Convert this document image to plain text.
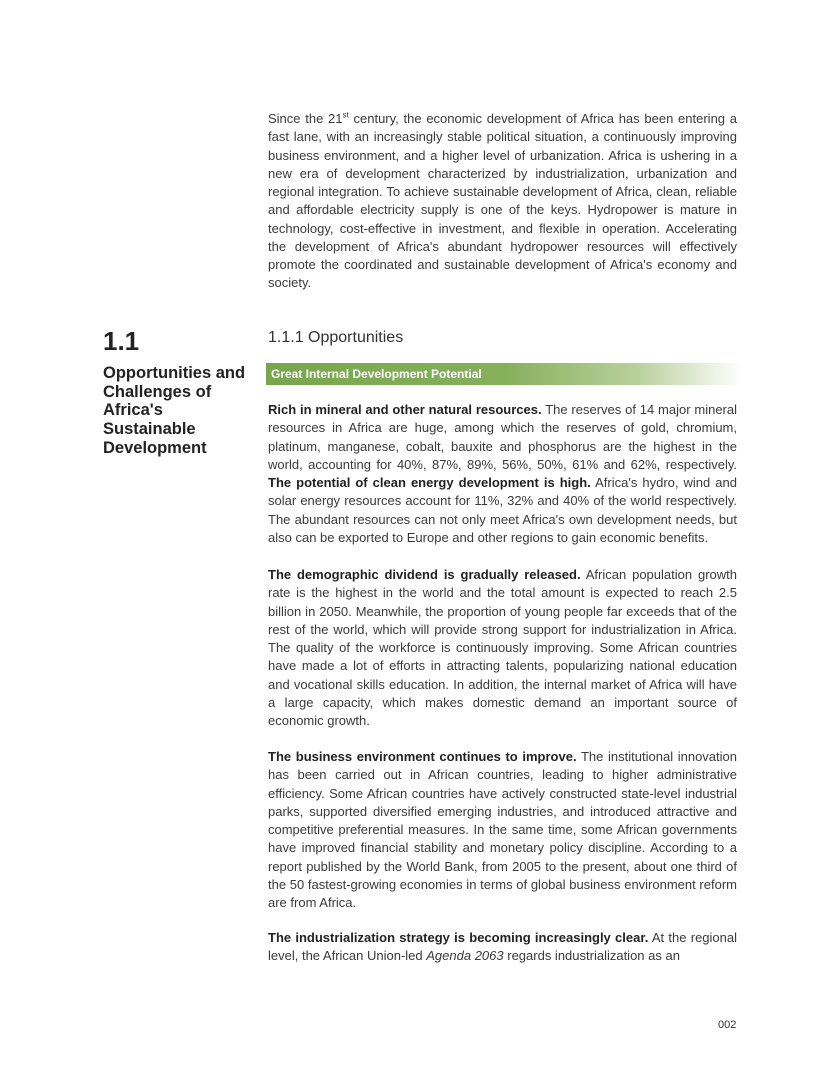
Since the 21st century, the economic development of Africa has been entering a fast lane, with an increasingly stable political situation, a continuously improving business environment, and a higher level of urbanization. Africa is ushering in a new era of development characterized by industrialization, urbanization and regional integration. To achieve sustainable development of Africa, clean, reliable and affordable electricity supply is one of the keys. Hydropower is mature in technology, cost-effective in investment, and flexible in operation. Accelerating the development of Africa's abundant hydropower resources will effectively promote the coordinated and sustainable development of Africa's economy and society.
1.1
Opportunities and Challenges of Africa's Sustainable Development
1.1.1 Opportunities
Great Internal Development Potential
Rich in mineral and other natural resources. The reserves of 14 major mineral resources in Africa are huge, among which the reserves of gold, chromium, platinum, manganese, cobalt, bauxite and phosphorus are the highest in the world, accounting for 40%, 87%, 89%, 56%, 50%, 61% and 62%, respectively. The potential of clean energy development is high. Africa's hydro, wind and solar energy resources account for 11%, 32% and 40% of the world respectively. The abundant resources can not only meet Africa's own development needs, but also can be exported to Europe and other regions to gain economic benefits.
The demographic dividend is gradually released. African population growth rate is the highest in the world and the total amount is expected to reach 2.5 billion in 2050. Meanwhile, the proportion of young people far exceeds that of the rest of the world, which will provide strong support for industrialization in Africa. The quality of the workforce is continuously improving. Some African countries have made a lot of efforts in attracting talents, popularizing national education and vocational skills education. In addition, the internal market of Africa will have a large capacity, which makes domestic demand an important source of economic growth.
The business environment continues to improve. The institutional innovation has been carried out in African countries, leading to higher administrative efficiency. Some African countries have actively constructed state-level industrial parks, supported diversified emerging industries, and introduced attractive and competitive preferential measures. In the same time, some African governments have improved financial stability and monetary policy discipline. According to a report published by the World Bank, from 2005 to the present, about one third of the 50 fastest-growing economies in terms of global business environment reform are from Africa.
The industrialization strategy is becoming increasingly clear. At the regional level, the African Union-led Agenda 2063 regards industrialization as an
002
